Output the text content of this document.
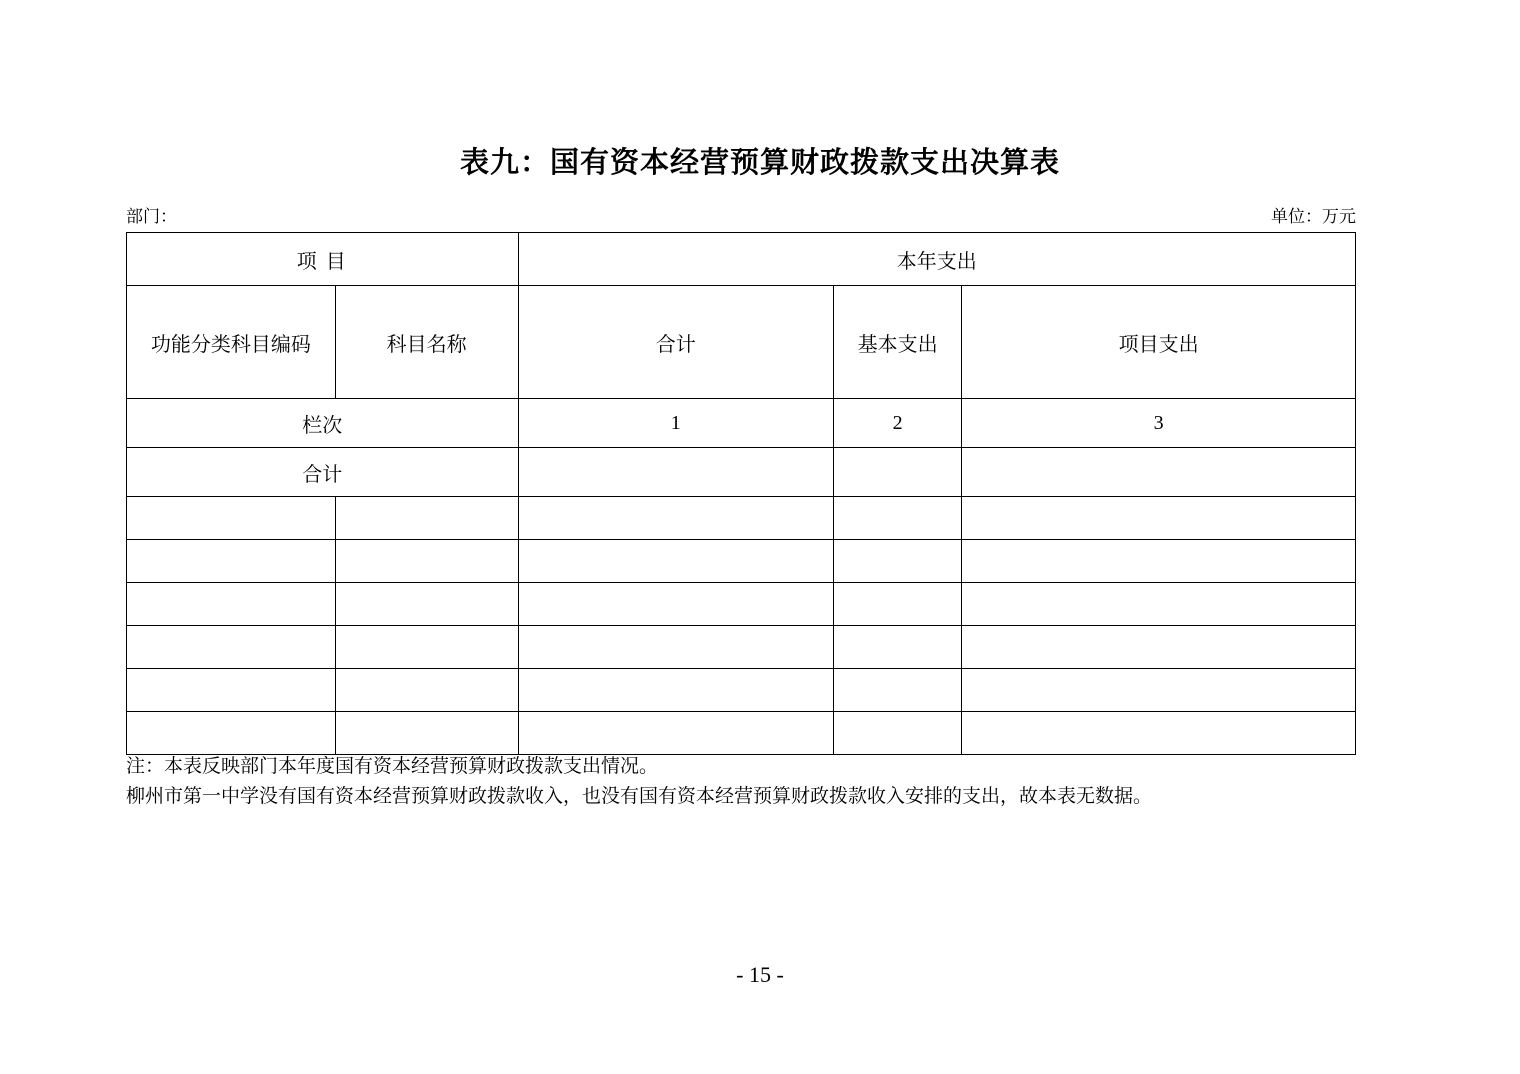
表九：国有资本经营预算财政拨款支出决算表
部门：	单位：万元
项 目		本年支出		
功能分类科目编码	科目名称	合计	基本支出	项目支出
栏次		1	2	3
合计				

注：本表反映部门本年度国有资本经营预算财政拨款支出情况。
柳州市第一中学没有国有资本经营预算财政拨款收入，也没有国有资本经营预算财政拨款收入安排的支出，故本表无数据。
- 15 -
